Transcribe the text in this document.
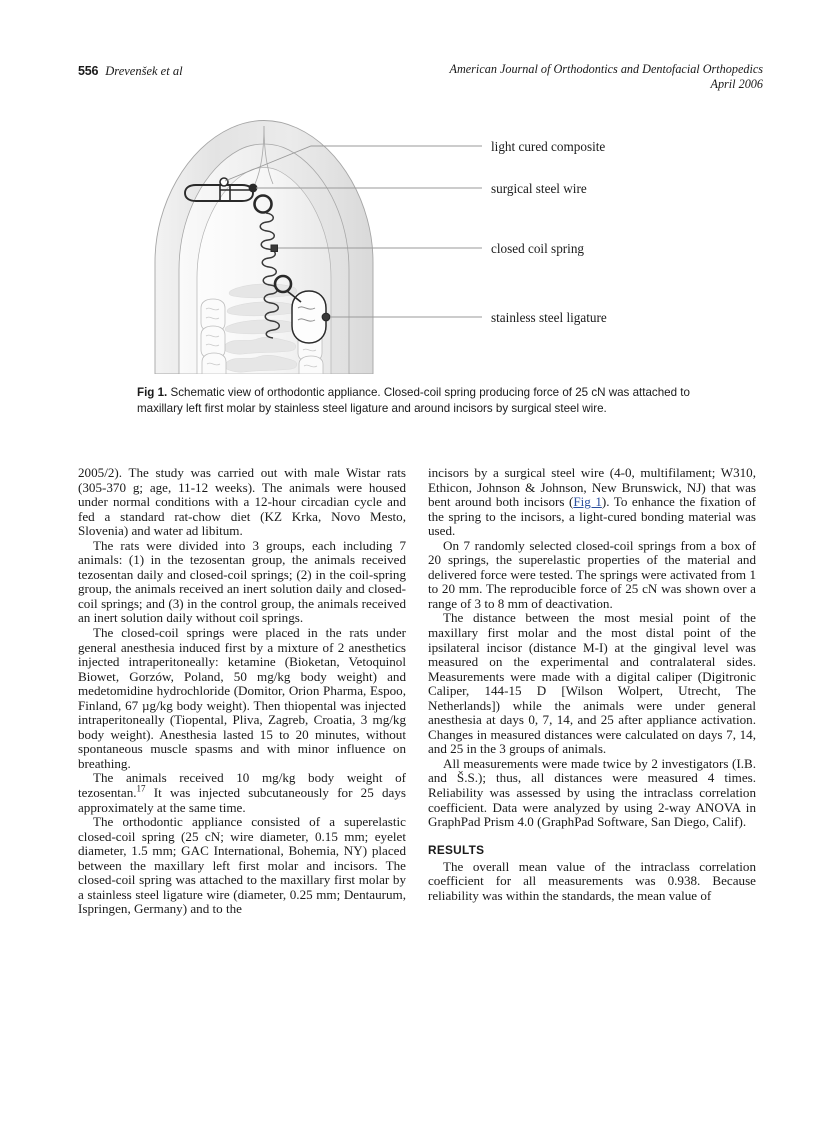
556 Drevenšek et al	American Journal of Orthodontics and Dentofacial Orthopedics
April 2006
light cured composite
surgical steel wire
closed coil spring
stainless steel ligature
Fig 1. Schematic view of orthodontic appliance. Closed-coil spring producing force of 25 cN was attached to maxillary left first molar by stainless steel ligature and around incisors by surgical steel wire.

2005/2). The study was carried out with male Wistar rats (305-370 g; age, 11-12 weeks). The animals were housed under normal conditions with a 12-hour circadian cycle and fed a standard rat-chow diet (KZ Krka, Novo Mesto, Slovenia) and water ad libitum.

The rats were divided into 3 groups, each including 7 animals: (1) in the tezosentan group, the animals received tezosentan daily and closed-coil springs; (2) in the coil-spring group, the animals received an inert solution daily and closed-coil springs; and (3) in the control group, the animals received an inert solution daily without coil springs.

The closed-coil springs were placed in the rats under general anesthesia induced first by a mixture of 2 anesthetics injected intraperitoneally: ketamine (Bioketan, Vetoquinol Biowet, Gorzów, Poland, 50 mg/kg body weight) and medetomidine hydrochloride (Domitor, Orion Pharma, Espoo, Finland, 67 µg/kg body weight). Then thiopental was injected intraperitoneally (Tiopental, Pliva, Zagreb, Croatia, 3 mg/kg body weight). Anesthesia lasted 15 to 20 minutes, without spontaneous muscle spasms and with minor influence on breathing.

The animals received 10 mg/kg body weight of tezosentan.$^{17}$ It was injected subcutaneously for 25 days approximately at the same time.

The orthodontic appliance consisted of a superelastic closed-coil spring (25 cN; wire diameter, 0.15 mm; eyelet diameter, 1.5 mm; GAC International, Bohemia, NY) placed between the maxillary left first molar and incisors. The closed-coil spring was attached to the maxillary first molar by a stainless steel ligature wire (diameter, 0.25 mm; Dentaurum, Ispringen, Germany) and to the

incisors by a surgical steel wire (4-0, multifilament; W310, Ethicon, Johnson & Johnson, New Brunswick, NJ) that was bent around both incisors (Fig 1). To enhance the fixation of the spring to the incisors, a light-cured bonding material was used.

On 7 randomly selected closed-coil springs from a box of 20 springs, the superelastic properties of the material and delivered force were tested. The springs were activated from 1 to 20 mm. The reproducible force of 25 cN was shown over a range of 3 to 8 mm of deactivation.

The distance between the most mesial point of the maxillary first molar and the most distal point of the ipsilateral incisor (distance M-I) at the gingival level was measured on the experimental and contralateral sides. Measurements were made with a digital caliper (Digitronic Caliper, 144-15 D [Wilson Wolpert, Utrecht, The Netherlands]) while the animals were under general anesthesia at days 0, 7, 14, and 25 after appliance activation. Changes in measured distances were calculated on days 7, 14, and 25 in the 3 groups of animals.

All measurements were made twice by 2 investigators (I.B. and Š.S.); thus, all distances were measured 4 times. Reliability was assessed by using the intraclass correlation coefficient. Data were analyzed by using 2-way ANOVA in GraphPad Prism 4.0 (GraphPad Software, San Diego, Calif).

RESULTS

The overall mean value of the intraclass correlation coefficient for all measurements was 0.938. Because reliability was within the standards, the mean value of
